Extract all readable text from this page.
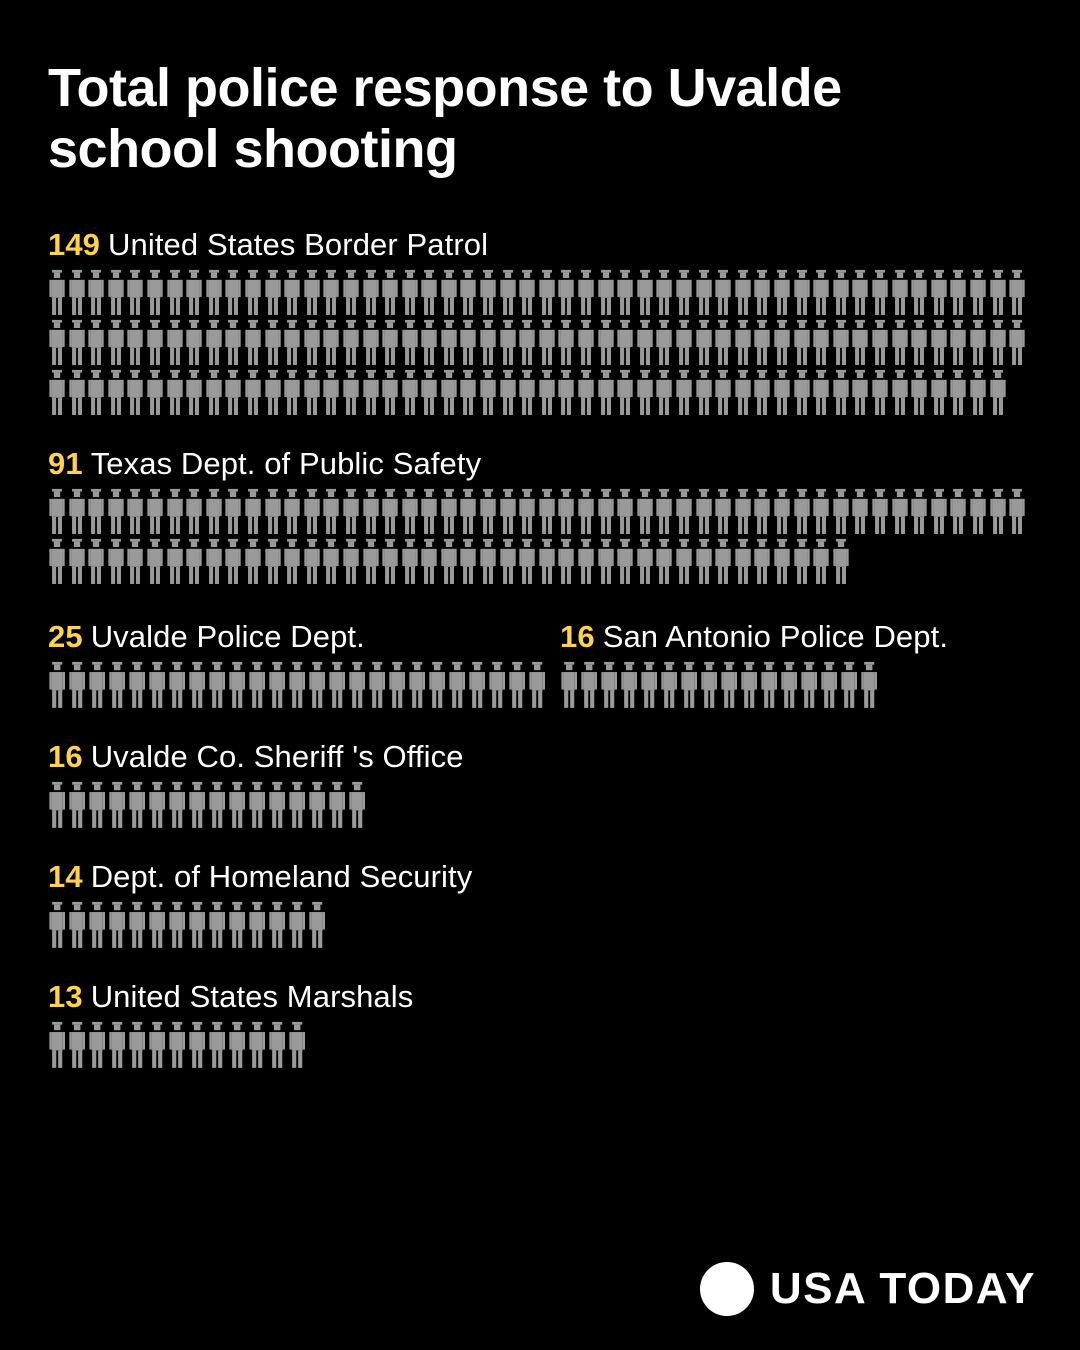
Total police response to Uvalde school shooting
149 United States Border Patrol
91 Texas Dept. of Public Safety
25 Uvalde Police Dept.	16 San Antonio Police Dept.
16 Uvalde Co. Sheriff 's Office
14 Dept. of Homeland Security
13 United States Marshals
USA TODAY
